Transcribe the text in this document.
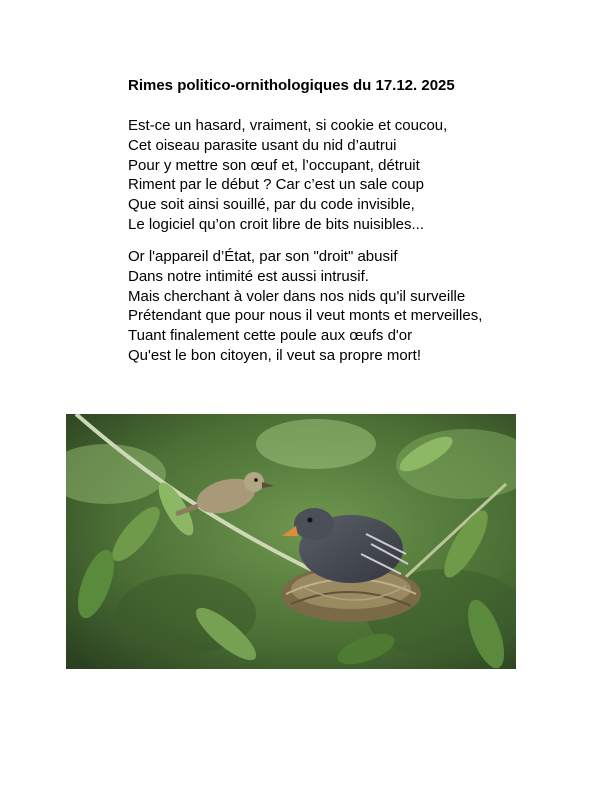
Rimes politico-ornithologiques du 17.12. 2025
Est-ce un hasard, vraiment, si cookie et coucou,
Cet oiseau parasite usant du nid d’autrui
Pour y mettre son œuf et, l’occupant, détruit
Riment par le début ? Car c’est un sale coup
Que soit ainsi souillé, par du code invisible,
Le logiciel qu’on croit libre de bits nuisibles...
Or l'appareil d’État, par son "droit" abusif
Dans notre intimité est aussi intrusif.
Mais cherchant à voler dans nos nids qu'il surveille
Prétendant que pour nous il veut monts et merveilles,
Tuant finalement cette poule aux œufs d'or
Qu'est le bon citoyen, il veut sa propre mort!
